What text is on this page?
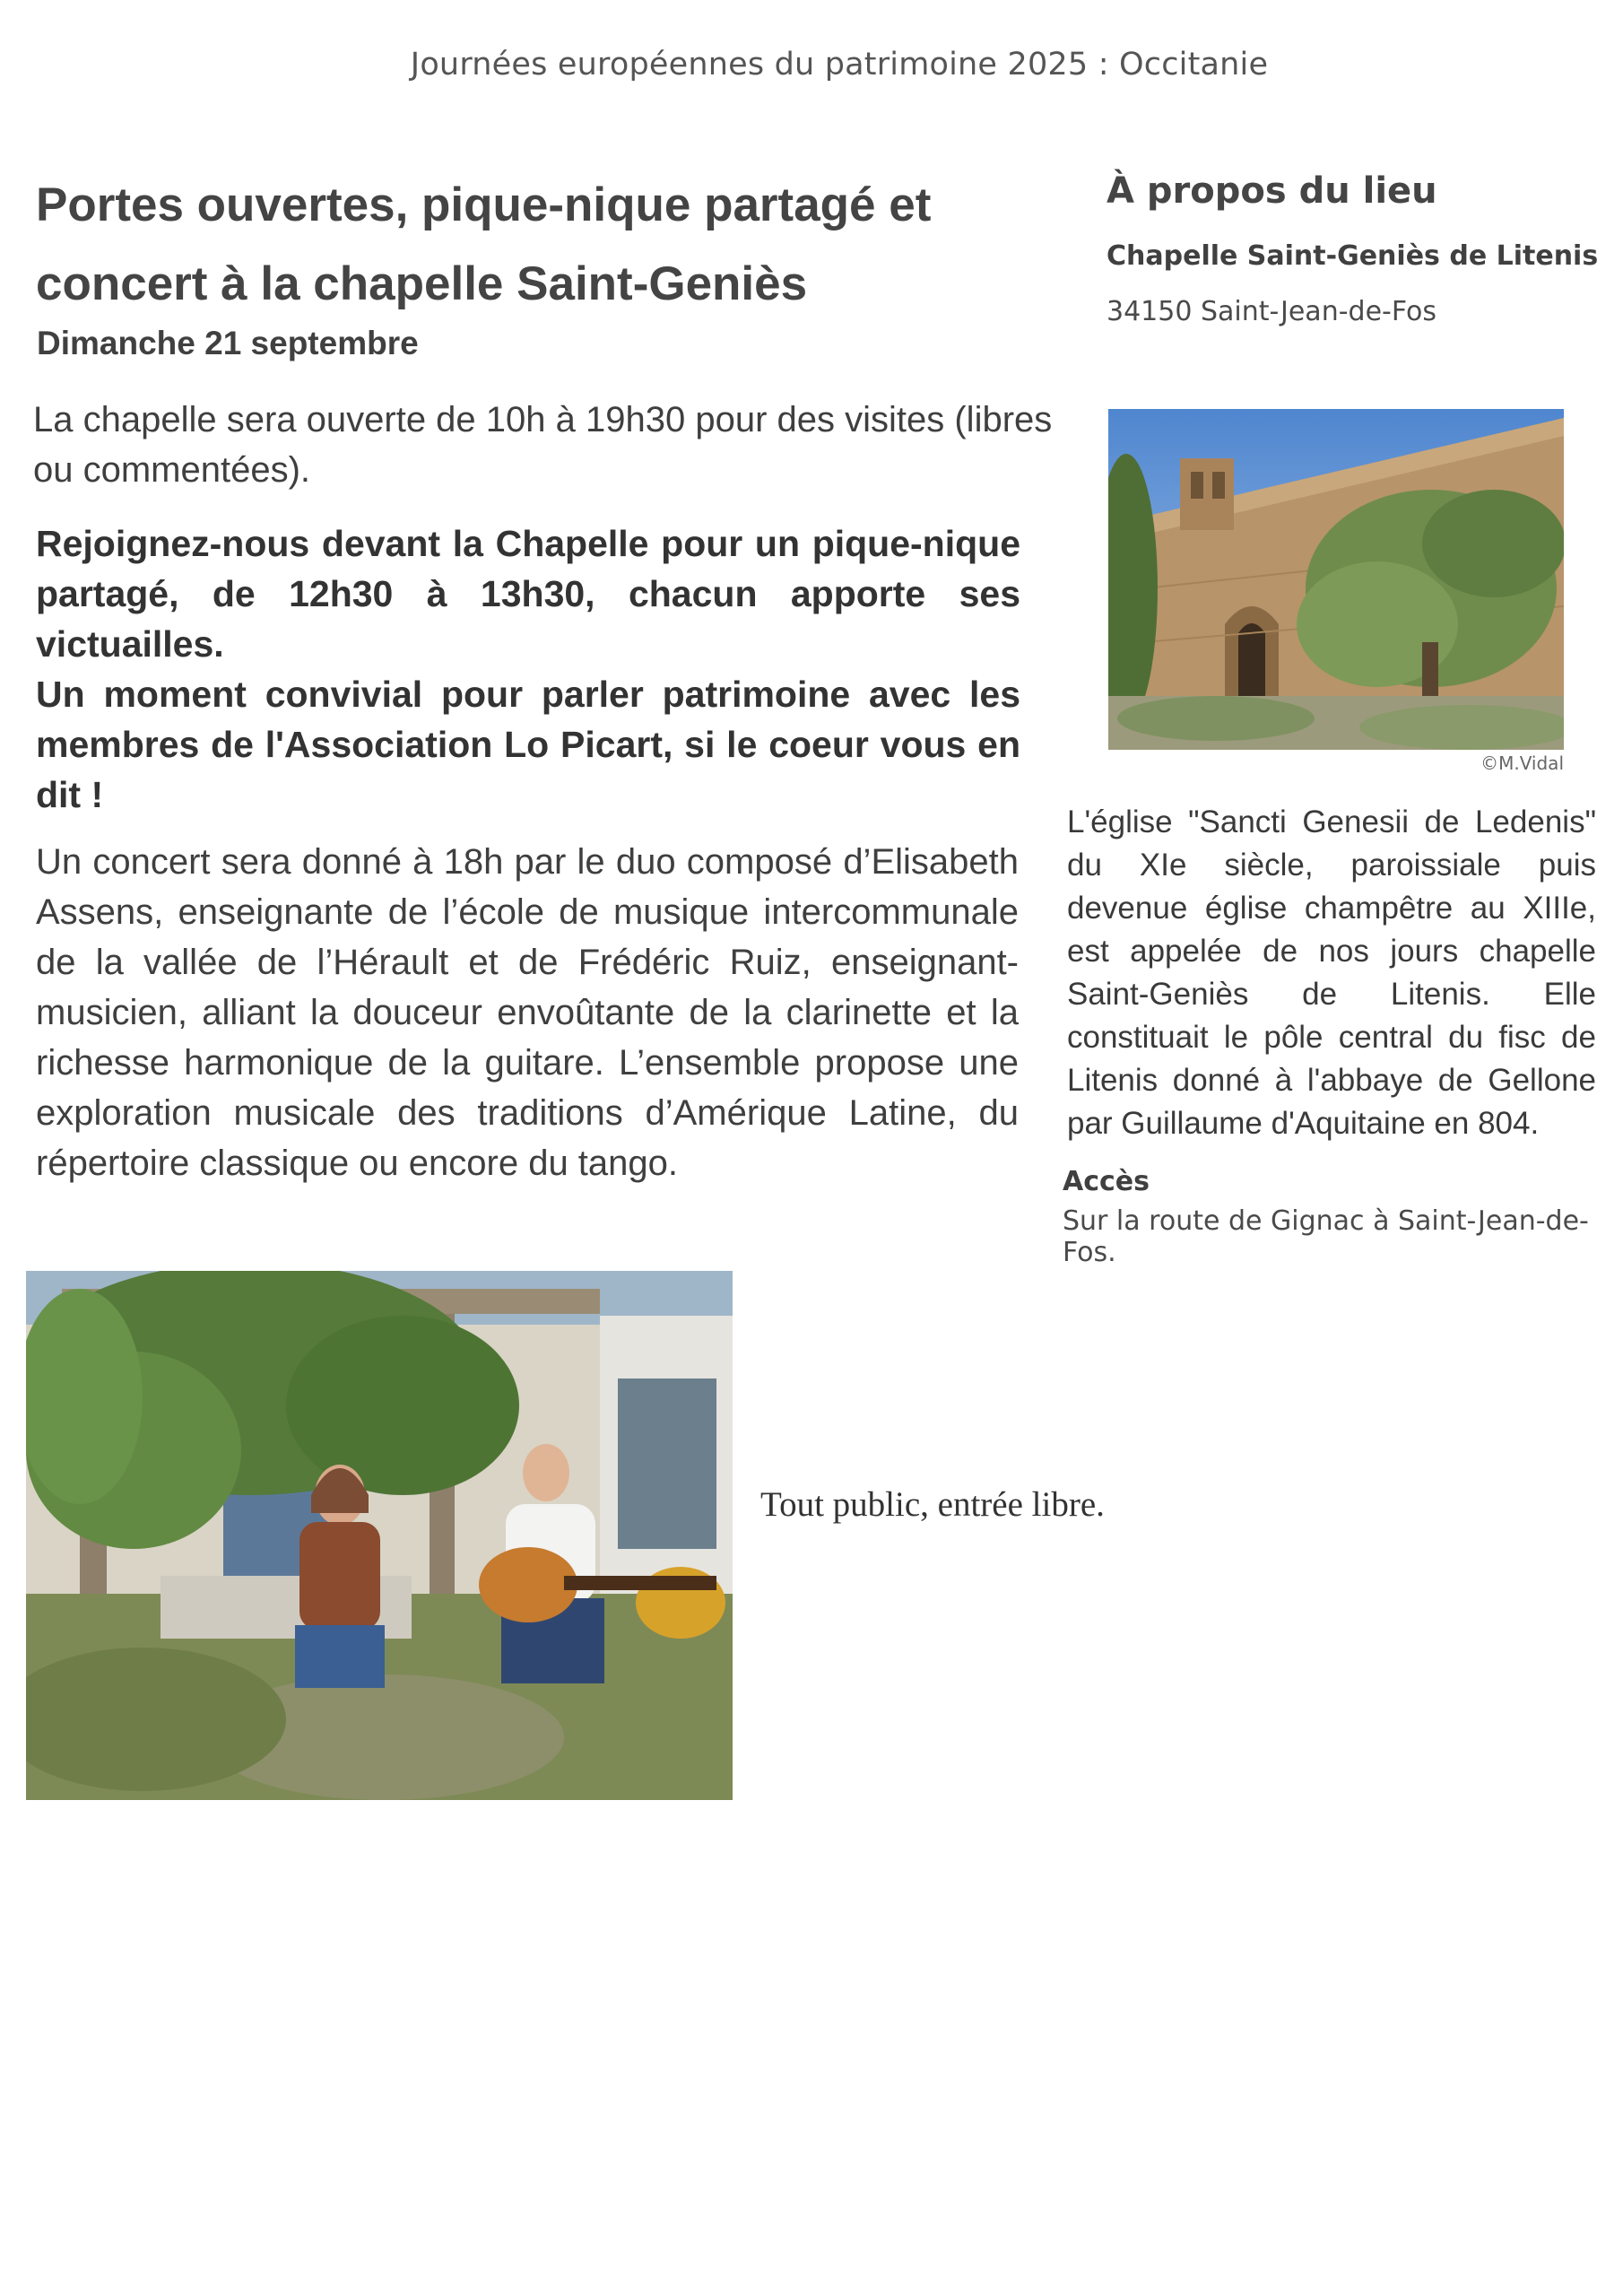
Journées européennes du patrimoine 2025 : Occitanie
Portes ouvertes, pique-nique partagé et concert à la chapelle Saint-Geniès
Dimanche 21 septembre
La chapelle sera ouverte de 10h à 19h30 pour des visites (libres ou commentées).

Rejoignez-nous devant la Chapelle pour un pique-nique partagé, de 12h30 à 13h30, chacun apporte ses victuailles.

Un moment convivial pour parler patrimoine avec les membres de l'Association Lo Picart, si le coeur vous en dit !

Un concert sera donné à 18h par le duo composé d’Elisabeth Assens, enseignante de l’école de musique intercommunale de la vallée de l’Hérault et de Frédéric Ruiz, enseignant-musicien, alliant la douceur envoûtante de la clarinette et la richesse harmonique de la guitare. L’ensemble propose une exploration musicale des traditions d’Amérique Latine, du répertoire classique ou encore du tango.
À propos du lieu
Chapelle Saint-Geniès de Litenis
34150 Saint-Jean-de-Fos
©M.Vidal
L'église "Sancti Genesii de Ledenis" du XIe siècle, paroissiale puis devenue église champêtre au XIIIe, est appelée de nos jours chapelle Saint-Geniès de Litenis. Elle constituait le pôle central du fisc de Litenis donné à l'abbaye de Gellone par Guillaume d'Aquitaine en 804.
Accès
Sur la route de Gignac à Saint-Jean-de-Fos.
Tout public, entrée libre.
